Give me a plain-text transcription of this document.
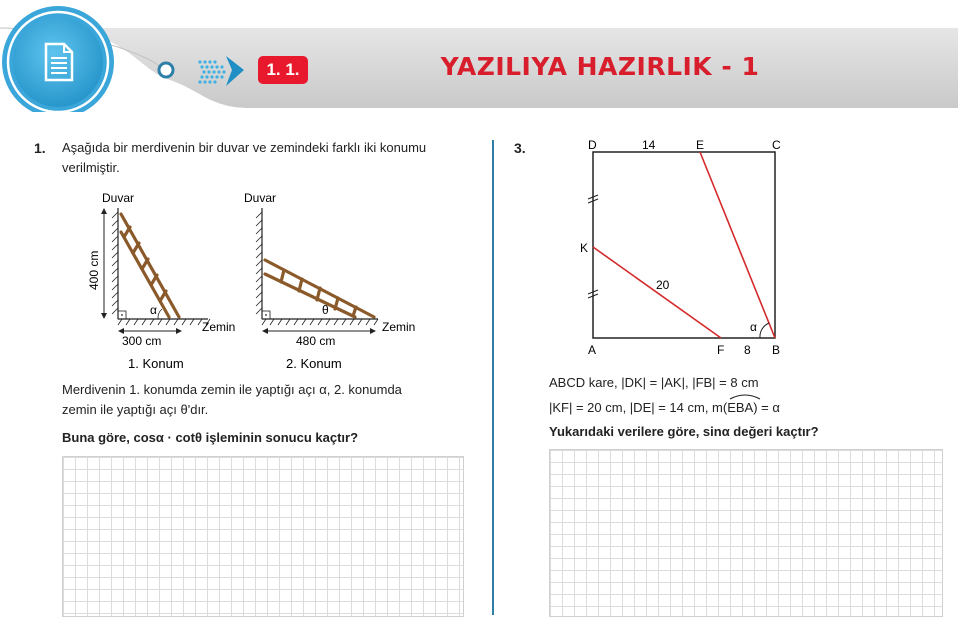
1. 1.	YAZILIYA HAZIRLIK - 1
1. Aşağıda bir merdivenin bir duvar ve zemindeki farklı iki konumu verilmiştir.
Duvar
α
400 cm
300 cm
Zemin
1. Konum
Duvar
θ
480 cm
Zemin
2. Konum
Merdivenin 1. konumda zemin ile yaptığı açı α, 2. konumda
zemin ile yaptığı açı θ'dır.
Buna göre, cosα · cotθ işleminin sonucu kaçtır?
3.	D	14	E	C
K
20
A	F 8 B
α
ABCD kare, |DK| = |AK|, |FB| = 8 cm
|KF| = 20 cm, |DE| = 14 cm, m(EBA) = α
Yukarıdaki verilere göre, sinα değeri kaçtır?
